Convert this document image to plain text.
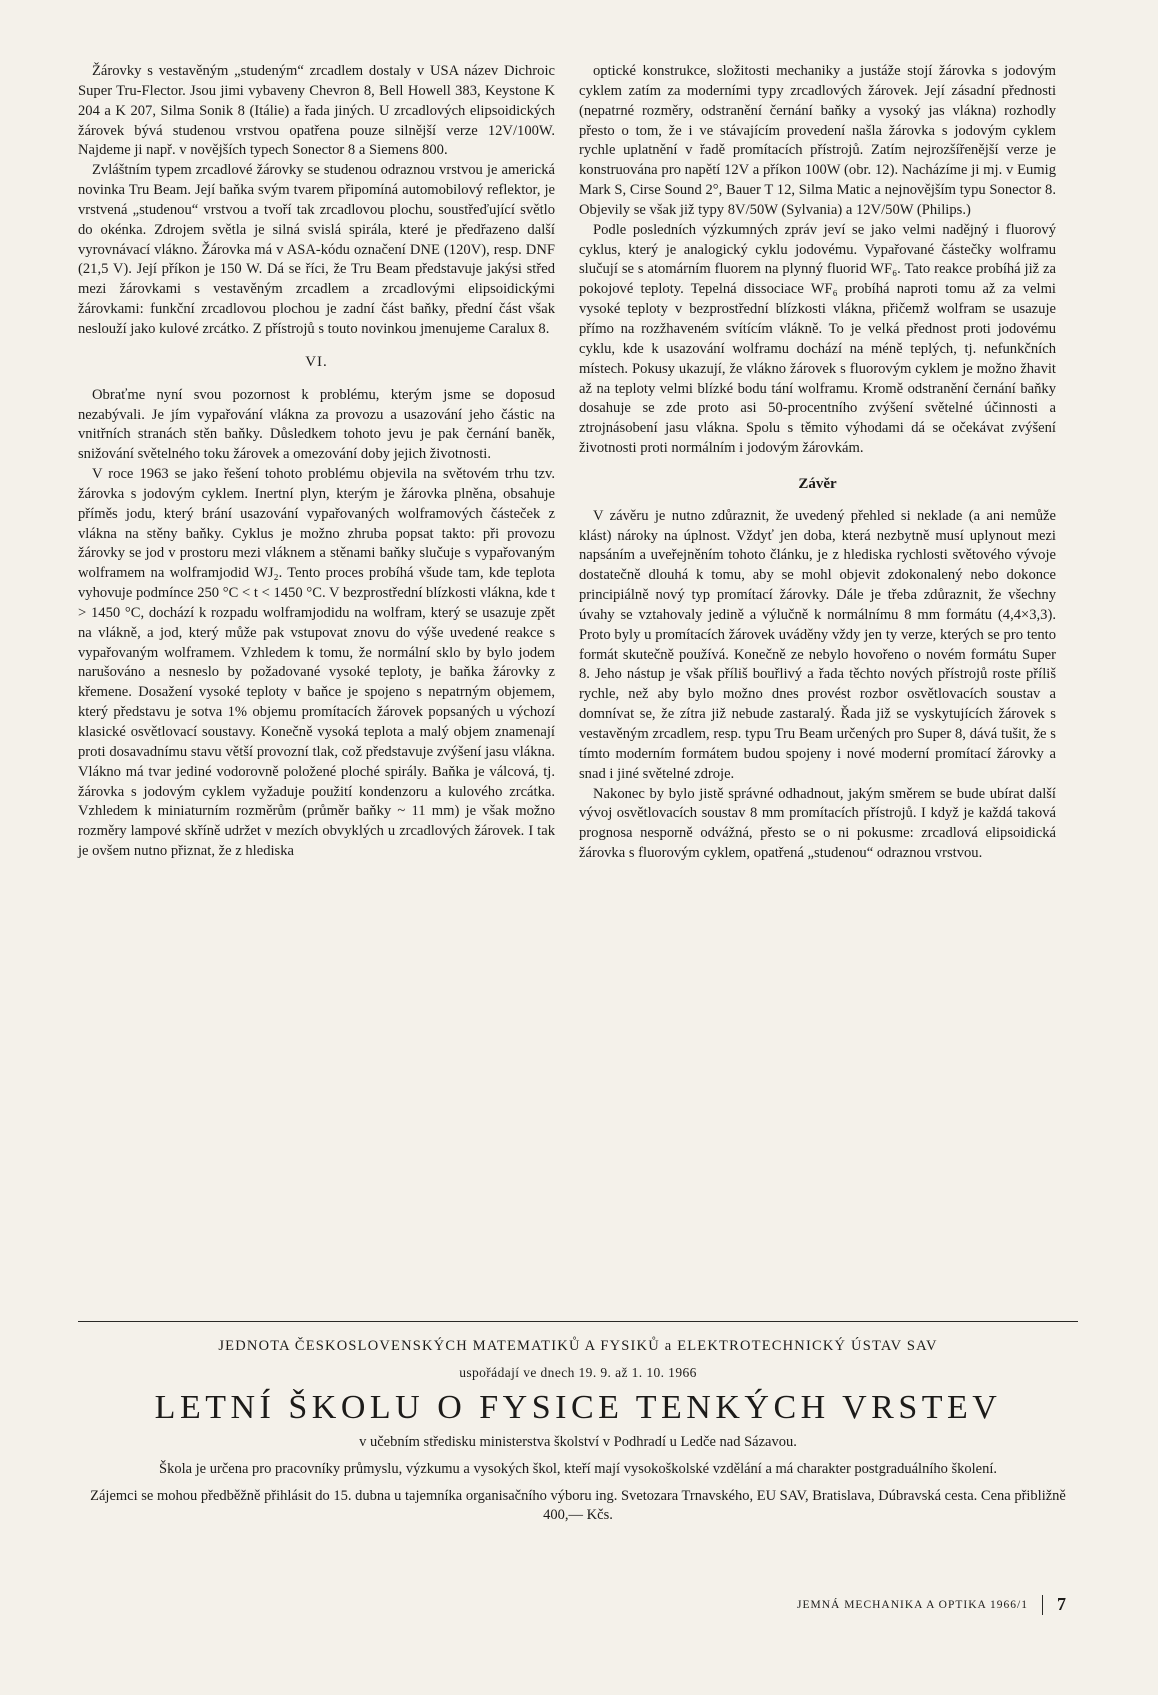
Žárovky s vestavěným „studeným“ zrcadlem dostaly v USA název Dichroic Super Tru-Flector. Jsou jimi vybaveny Chevron 8, Bell Howell 383, Keystone K 204 a K 207, Silma Sonik 8 (Itálie) a řada jiných. U zrcadlových elipsoidických žárovek bývá studenou vrstvou opatřena pouze silnější verze 12V/100W. Najdeme ji např. v novějších typech Sonector 8 a Siemens 800.

Zvláštním typem zrcadlové žárovky se studenou odraznou vrstvou je americká novinka Tru Beam. Její baňka svým tvarem připomíná automobilový reflektor, je vrstvená „studenou“ vrstvou a tvoří tak zrcadlovou plochu, soustřeďující světlo do okénka. Zdrojem světla je silná svislá spirála, které je předřazeno další vyrovnávací vlákno. Žárovka má v ASA-kódu označení DNE (120V), resp. DNF (21,5 V). Její příkon je 150 W. Dá se říci, že Tru Beam představuje jakýsi střed mezi žárovkami s vestavěným zrcadlem a zrcadlovými elipsoidickými žárovkami: funkční zrcadlovou plochou je zadní část baňky, přední část však neslouží jako kulové zrcátko. Z přístrojů s touto novinkou jmenujeme Caralux 8.

VI.

Obraťme nyní svou pozornost k problému, kterým jsme se doposud nezabývali. Je jím vypařování vlákna za provozu a usazování jeho částic na vnitřních stranách stěn baňky. Důsledkem tohoto jevu je pak černání baněk, snižování světelného toku žárovek a omezování doby jejich životnosti.

V roce 1963 se jako řešení tohoto problému objevila na světovém trhu tzv. žárovka s jodovým cyklem. Inertní plyn, kterým je žárovka plněna, obsahuje příměs jodu, který brání usazování vypařovaných wolframových částeček z vlákna na stěny baňky. Cyklus je možno zhruba popsat takto: při provozu žárovky se jod v prostoru mezi vláknem a stěnami baňky slučuje s vypařovaným wolframem na wolframjodid WJ₂. Tento proces probíhá všude tam, kde teplota vyhovuje podmínce 250 °C < t < 1450 °C. V bezprostřední blízkosti vlákna, kde t > 1450 °C, dochází k rozpadu wolframjodidu na wolfram, který se usazuje zpět na vlákně, a jod, který může pak vstupovat znovu do výše uvedené reakce s vypařovaným wolframem. Vzhledem k tomu, že normální sklo by bylo jodem narušováno a nesneslo by požadované vysoké teploty, je baňka žárovky z křemene. Dosažení vysoké teploty v baňce je spojeno s nepatrným objemem, který představu je sotva 1% objemu promítacích žárovek popsaných u výchozí klasické osvětlovací soustavy. Konečně vysoká teplota a malý objem znamenají proti dosavadnímu stavu větší provozní tlak, což představuje zvýšení jasu vlákna. Vlákno má tvar jediné vodorovně položené ploché spirály. Baňka je válcová, tj. žárovka s jodovým cyklem vyžaduje použití kondenzoru a kulového zrcátka. Vzhledem k miniaturním rozměrům (průměr baňky ~ 11 mm) je však možno rozměry lampové skříně udržet v mezích obvyklých u zrcadlových žárovek. I tak je ovšem nutno přiznat, že z hlediska

optické konstrukce, složitosti mechaniky a justáže stojí žárovka s jodovým cyklem zatím za moderními typy zrcadlových žárovek. Její zásadní přednosti (nepatrné rozměry, odstranění černání baňky a vysoký jas vlákna) rozhodly přesto o tom, že i ve stávajícím provedení našla žárovka s jodovým cyklem rychle uplatnění v řadě promítacích přístrojů. Zatím nejrozšířenější verze je konstruována pro napětí 12V a příkon 100W (obr. 12). Nacházíme ji mj. v Eumig Mark S, Cirse Sound 2°, Bauer T 12, Silma Matic a nejnovějším typu Sonector 8. Objevily se však již typy 8V/50W (Sylvania) a 12V/50W (Philips.)

Podle posledních výzkumných zpráv jeví se jako velmi nadějný i fluorový cyklus, který je analogický cyklu jodovému. Vypařované částečky wolframu slučují se s atomárním fluorem na plynný fluorid WF₆. Tato reakce probíhá již za pokojové teploty. Tepelná dissociace WF₆ probíhá naproti tomu až za velmi vysoké teploty v bezprostřední blízkosti vlákna, přičemž wolfram se usazuje přímo na rozžhaveném svítícím vlákně. To je velká přednost proti jodovému cyklu, kde k usazování wolframu dochází na méně teplých, tj. nefunkčních místech. Pokusy ukazují, že vlákno žárovek s fluorovým cyklem je možno žhavit až na teploty velmi blízké bodu tání wolframu. Kromě odstranění černání baňky dosahuje se zde proto asi 50-procentního zvýšení světelné účinnosti a ztrojnásobení jasu vlákna. Spolu s těmito výhodami dá se očekávat zvýšení životnosti proti normálním i jodovým žárovkám.

Závěr

V závěru je nutno zdůraznit, že uvedený přehled si neklade (a ani nemůže klást) nároky na úplnost. Vždyť jen doba, která nezbytně musí uplynout mezi napsáním a uveřejněním tohoto článku, je z hlediska rychlosti světového vývoje dostatečně dlouhá k tomu, aby se mohl objevit zdokonalený nebo dokonce principiálně nový typ promítací žárovky. Dále je třeba zdůraznit, že všechny úvahy se vztahovaly jedině a výlučně k normálnímu 8 mm formátu (4,4×3,3). Proto byly u promítacích žárovek uváděny vždy jen ty verze, kterých se pro tento formát skutečně používá. Konečně ze nebylo hovořeno o novém formátu Super 8. Jeho nástup je však příliš bouřlivý a řada těchto nových přístrojů roste příliš rychle, než aby bylo možno dnes provést rozbor osvětlovacích soustav a domnívat se, že zítra již nebude zastaralý. Řada již se vyskytujících žárovek s vestavěným zrcadlem, resp. typu Tru Beam určených pro Super 8, dává tušit, že s tímto moderním formátem budou spojeny i nové moderní promítací žárovky a snad i jiné světelné zdroje.

Nakonec by bylo jistě správné odhadnout, jakým směrem se bude ubírat další vývoj osvětlovacích soustav 8 mm promítacích přístrojů. I když je každá taková prognosa nesporně odvážná, přesto se o ni pokusme: zrcadlová elipsoidická žárovka s fluorovým cyklem, opatřená „studenou“ odraznou vrstvou.

JEDNOTA ČESKOSLOVENSKÝCH MATEMATIKŮ A FYSIKŮ a ELEKTROTECHNICKÝ ÚSTAV SAV
uspořádají ve dnech 19. 9. až 1. 10. 1966
LETNÍ ŠKOLU O FYSICE TENKÝCH VRSTEV
v učebním středisku ministerstva školství v Podhradí u Ledče nad Sázavou.
Škola je určena pro pracovníky průmyslu, výzkumu a vysokých škol, kteří mají vysokoškolské vzdělání a má charakter postgraduálního školení.
Zájemci se mohou předběžně přihlásit do 15. dubna u tajemníka organisačního výboru ing. Svetozara Trnavského, EU SAV, Bratislava, Dúbravská cesta. Cena přibližně 400,— Kčs.
JEMNÁ MECHANIKA A OPTIKA 1966/1 7
